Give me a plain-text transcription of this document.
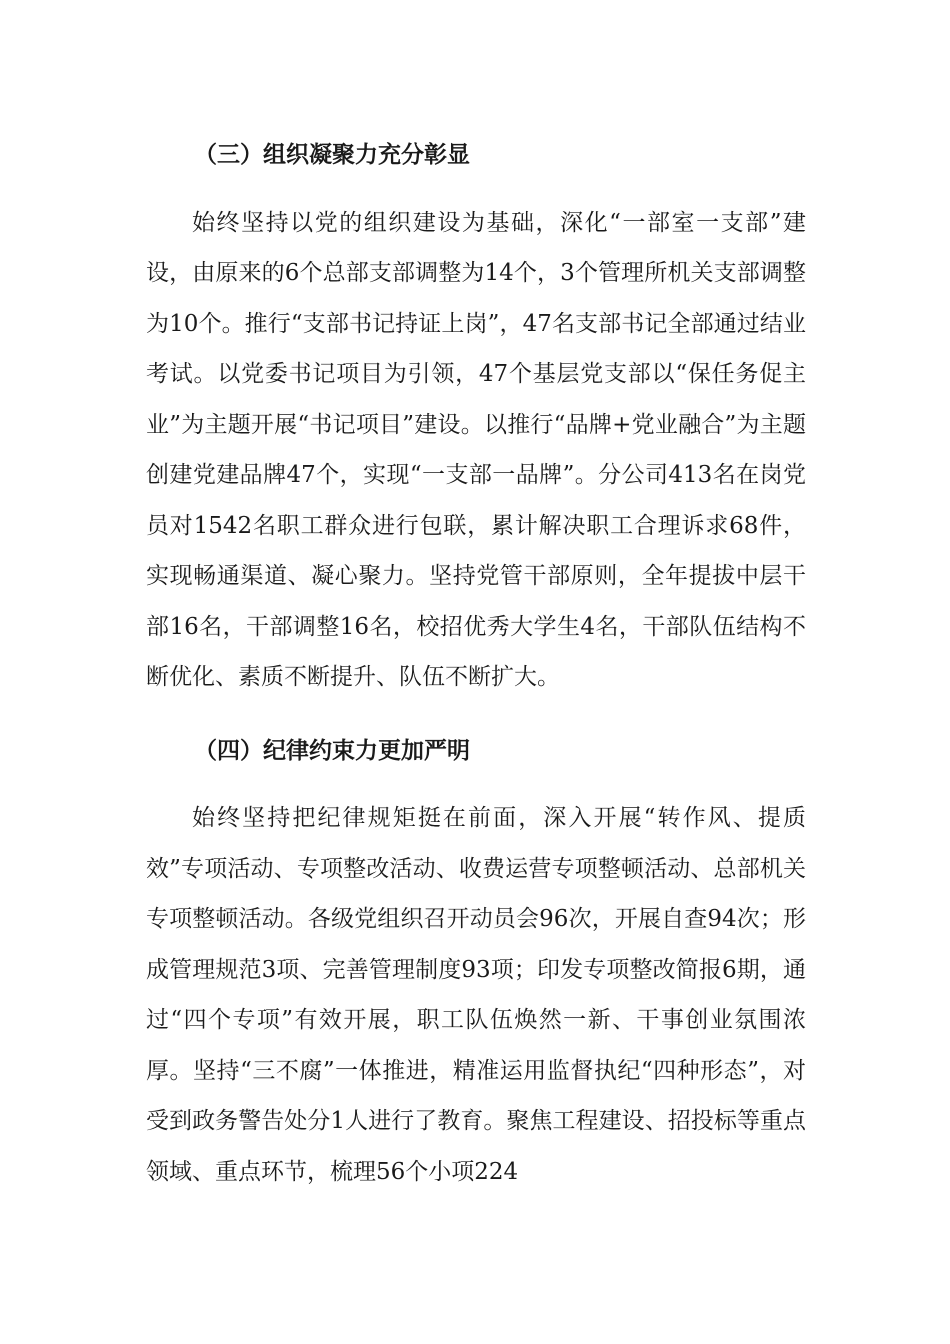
（三）组织凝聚力充分彰显

始终坚持以党的组织建设为基础，深化“一部室一支部”建设，由原来的6个总部支部调整为14个，3个管理所机关支部调整为10个。推行“支部书记持证上岗”，47名支部书记全部通过结业考试。以党委书记项目为引领，47个基层党支部以“保任务促主业”为主题开展“书记项目”建设。以推行“品牌+党业融合”为主题创建党建品牌47个，实现“一支部一品牌”。分公司413名在岗党员对1542名职工群众进行包联，累计解决职工合理诉求68件，实现畅通渠道、凝心聚力。坚持党管干部原则，全年提拔中层干部16名，干部调整16名，校招优秀大学生4名，干部队伍结构不断优化、素质不断提升、队伍不断扩大。

（四）纪律约束力更加严明

始终坚持把纪律规矩挺在前面，深入开展“转作风、提质效”专项活动、专项整改活动、收费运营专项整顿活动、总部机关专项整顿活动。各级党组织召开动员会96次，开展自查94次；形成管理规范3项、完善管理制度93项；印发专项整改简报6期，通过“四个专项”有效开展，职工队伍焕然一新、干事创业氛围浓厚。坚持“三不腐”一体推进，精准运用监督执纪“四种形态”，对受到政务警告处分1人进行了教育。聚焦工程建设、招投标等重点领域、重点环节，梳理56个小项224
